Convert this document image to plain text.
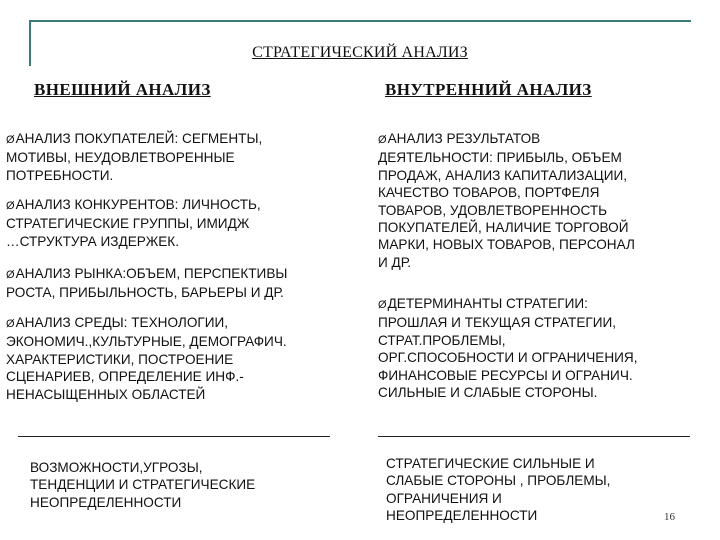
СТРАТЕГИЧЕСКИЙ АНАЛИЗ
ВНЕШНИЙ АНАЛИЗ	ВНУТРЕННИЙ АНАЛИЗ
ØАНАЛИЗ ПОКУПАТЕЛЕЙ: СЕГМЕНТЫ,
МОТИВЫ, НЕУДОВЛЕТВОРЕННЫЕ
ПОТРЕБНОСТИ.
ØАНАЛИЗ КОНКУРЕНТОВ: ЛИЧНОСТЬ,
СТРАТЕГИЧЕСКИЕ ГРУППЫ, ИМИДЖ
…СТРУКТУРА ИЗДЕРЖЕК.
ØАНАЛИЗ РЫНКА:ОБЪЕМ, ПЕРСПЕКТИВЫ
РОСТА, ПРИБЫЛЬНОСТЬ, БАРЬЕРЫ И ДР.
ØАНАЛИЗ СРЕДЫ: ТЕХНОЛОГИИ,
ЭКОНОМИЧ.,КУЛЬТУРНЫЕ, ДЕМОГРАФИЧ.
ХАРАКТЕРИСТИКИ, ПОСТРОЕНИЕ
СЦЕНАРИЕВ, ОПРЕДЕЛЕНИЕ ИНФ.-
НЕНАСЫЩЕННЫХ ОБЛАСТЕЙ
ØАНАЛИЗ РЕЗУЛЬТАТОВ
ДЕЯТЕЛЬНОСТИ: ПРИБЫЛЬ, ОБЪЕМ
ПРОДАЖ, АНАЛИЗ КАПИТАЛИЗАЦИИ,
КАЧЕСТВО ТОВАРОВ, ПОРТФЕЛЯ
ТОВАРОВ, УДОВЛЕТВОРЕННОСТЬ
ПОКУПАТЕЛЕЙ, НАЛИЧИЕ ТОРГОВОЙ
МАРКИ, НОВЫХ ТОВАРОВ, ПЕРСОНАЛ
И ДР.
ØДЕТЕРМИНАНТЫ СТРАТЕГИИ:
ПРОШЛАЯ И ТЕКУЩАЯ СТРАТЕГИИ,
СТРАТ.ПРОБЛЕМЫ,
ОРГ.СПОСОБНОСТИ И ОГРАНИЧЕНИЯ,
ФИНАНСОВЫЕ РЕСУРСЫ И ОГРАНИЧ.
СИЛЬНЫЕ И СЛАБЫЕ СТОРОНЫ.
ВОЗМОЖНОСТИ,УГРОЗЫ,
ТЕНДЕНЦИИ И СТРАТЕГИЧЕСКИЕ
НЕОПРЕДЕЛЕННОСТИ
СТРАТЕГИЧЕСКИЕ СИЛЬНЫЕ И
СЛАБЫЕ СТОРОНЫ , ПРОБЛЕМЫ,
ОГРАНИЧЕНИЯ И
НЕОПРЕДЕЛЕННОСТИ	16
